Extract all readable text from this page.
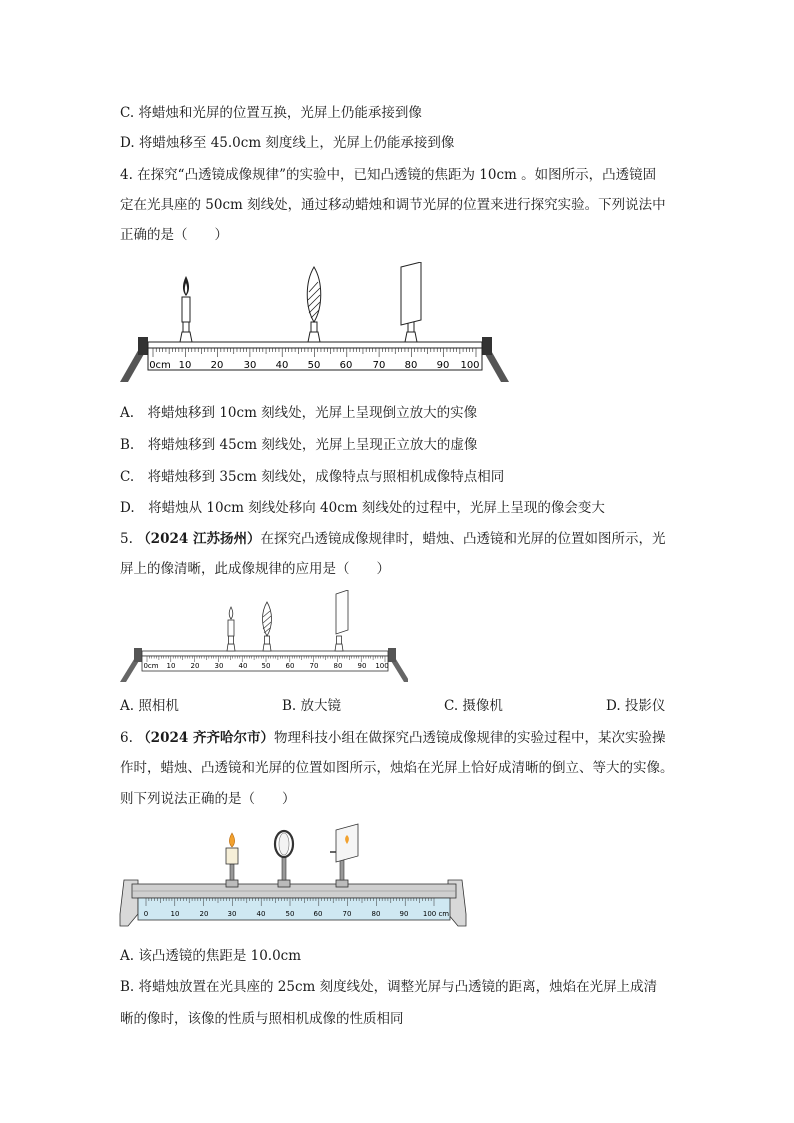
C. 将蜡烛和光屏的位置互换，光屏上仍能承接到像
D. 将蜡烛移至 45.0cm 刻度线上，光屏上仍能承接到像
4. 在探究“凸透镜成像规律”的实验中，已知凸透镜的焦距为 10cm 。如图所示，凸透镜固
定在光具座的 50cm 刻线处，通过移动蜡烛和调节光屏的位置来进行探究实验。下列说法中
正确的是（　　）
0cm 10 20 30 40 50 60 70 80 90 100
A.　将蜡烛移到 10cm 刻线处，光屏上呈现倒立放大的实像
B.　将蜡烛移到 45cm 刻线处，光屏上呈现正立放大的虚像
C.　将蜡烛移到 35cm 刻线处，成像特点与照相机成像特点相同
D.　将蜡烛从 10cm 刻线处移向 40cm 刻线处的过程中，光屏上呈现的像会变大
5. （2024 江苏扬州）在探究凸透镜成像规律时，蜡烛、凸透镜和光屏的位置如图所示，光
屏上的像清晰，此成像规律的应用是（　　）
0cm 10 20 30 40 50 60 70 80 90 100
A. 照相机	B. 放大镜	C. 摄像机	D. 投影仪
6. （2024 齐齐哈尔市）物理科技小组在做探究凸透镜成像规律的实验过程中，某次实验操
作时，蜡烛、凸透镜和光屏的位置如图所示，烛焰在光屏上恰好成清晰的倒立、等大的实像。
则下列说法正确的是（　　）
0	10	20	30	40	50	60	70	80	90 100 cm
A. 该凸透镜的焦距是 10.0cm
B. 将蜡烛放置在光具座的 25cm 刻度线处，调整光屏与凸透镜的距离，烛焰在光屏上成清
晰的像时，该像的性质与照相机成像的性质相同
